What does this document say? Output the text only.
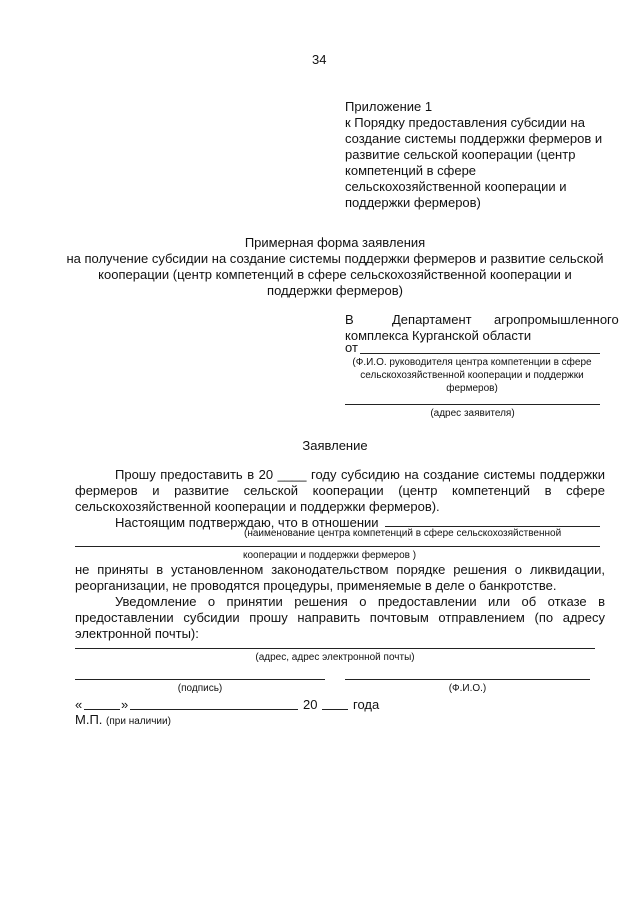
34
Приложение 1
к Порядку предоставления субсидии на
создание системы поддержки фермеров и
развитие сельской кооперации (центр
компетенций в сфере
сельскохозяйственной кооперации и
поддержки фермеров)
Примерная форма заявления
на получение субсидии на создание системы поддержки фермеров и развитие сельской
кооперации (центр компетенций в сфере сельскохозяйственной кооперации и
поддержки фермеров)
В	Департамент агропромышленного
комплекса Курганской области
от
(Ф.И.О. руководителя центра компетенции в сфере
сельскохозяйственной кооперации и поддержки
фермеров)
(адрес заявителя)
Заявление
Прошу предоставить в 20 ____ году субсидию на создание системы поддержки
фермеров и развитие сельской кооперации (центр компетенций в сфере
сельскохозяйственной кооперации и поддержки фермеров).
Настоящим подтверждаю, что в отношении
(наименование центра компетенций в сфере сельскохозяйственной
кооперации и поддержки фермеров )
не приняты в установленном законодательством порядке решения о ликвидации,
реорганизации, не проводятся процедуры, применяемые в деле о банкротстве.
Уведомление о принятии решения о предоставлении или об отказе в
предоставлении субсидии прошу направить почтовым отправлением (по адресу
электронной почты):
(адрес, адрес электронной почты)
(подпись)	(Ф.И.О.)
«	»	20	года
М.П. (при наличии)
